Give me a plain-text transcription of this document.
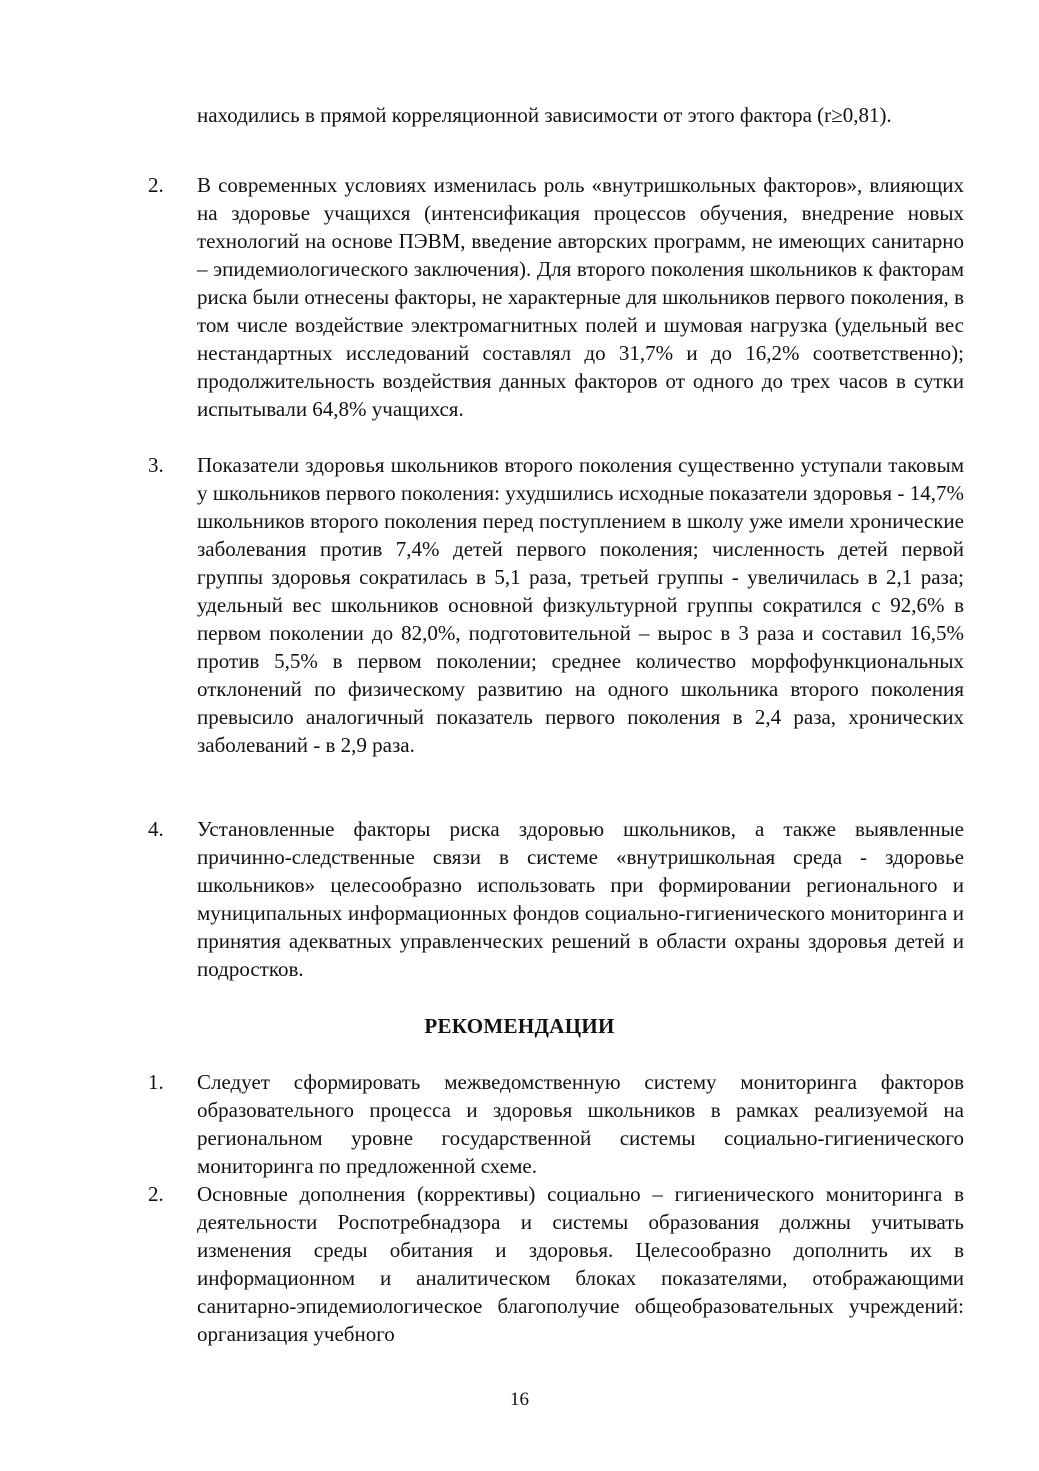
находились в прямой корреляционной зависимости от этого фактора (r≥0,81).
2.	В современных условиях изменилась роль «внутришкольных факторов», влияющих на здоровье учащихся (интенсификация процессов обучения, внедрение новых технологий на основе ПЭВМ, введение авторских программ, не имеющих санитарно – эпидемиологического заключения). Для второго поколения школьников к факторам риска были отнесены факторы, не характерные для школьников первого поколения, в том числе воздействие электромагнитных полей и шумовая нагрузка (удельный вес нестандартных исследований составлял до 31,7% и до 16,2% соответственно); продолжительность воздействия данных факторов от одного до трех часов в сутки испытывали 64,8% учащихся.
3.	Показатели здоровья школьников второго поколения существенно уступали таковым у школьников первого поколения: ухудшились исходные показатели здоровья - 14,7% школьников второго поколения перед поступлением в школу уже имели хронические заболевания против 7,4% детей первого поколения; численность детей первой группы здоровья сократилась в 5,1 раза, третьей группы - увеличилась в 2,1 раза; удельный вес школьников основной физкультурной группы сократился с 92,6% в первом поколении до 82,0%, подготовительной – вырос в 3 раза и составил 16,5% против 5,5% в первом поколении; среднее количество морфофункциональных отклонений по физическому развитию на одного школьника второго поколения превысило аналогичный показатель первого поколения в 2,4 раза, хронических заболеваний - в 2,9 раза.
4.	Установленные факторы риска здоровью школьников, а также выявленные причинно-следственные связи в системе «внутришкольная среда - здоровье школьников» целесообразно использовать при формировании регионального и муниципальных информационных фондов социально-гигиенического мониторинга и принятия адекватных управленческих решений в области охраны здоровья детей и подростков.
РЕКОМЕНДАЦИИ
1.	Следует сформировать межведомственную систему мониторинга факторов образовательного процесса и здоровья школьников в рамках реализуемой на региональном уровне государственной системы социально-гигиенического мониторинга по предложенной схеме.
2.	Основные дополнения (коррективы) социально – гигиенического мониторинга в деятельности Роспотребнадзора и системы образования должны учитывать изменения среды обитания и здоровья. Целесообразно дополнить их в информационном и аналитическом блоках показателями, отображающими санитарно-эпидемиологическое благополучие общеобразовательных учреждений: организация учебного
16
